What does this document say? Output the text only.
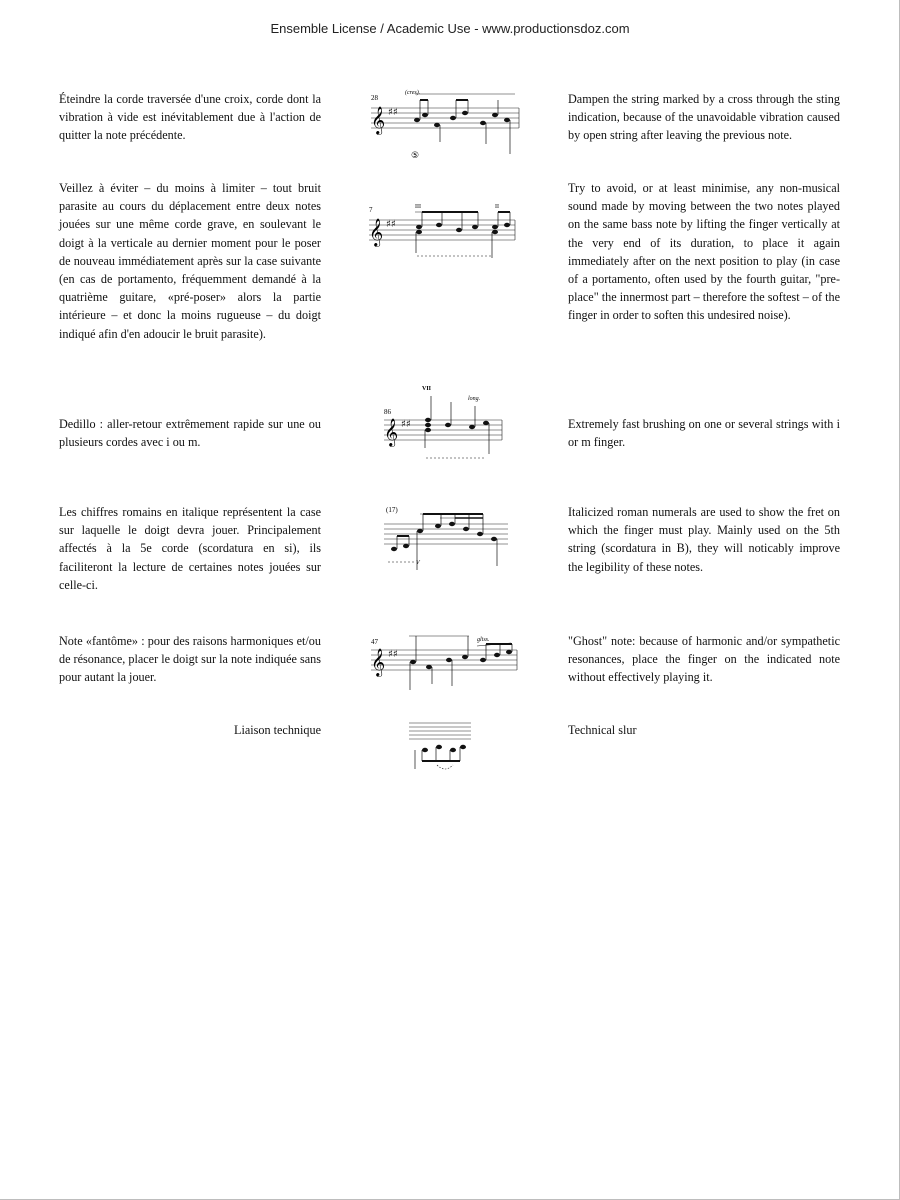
Ensemble License / Academic Use - www.productionsdoz.com
Éteindre la corde traversée d'une croix, corde dont la vibration à vide est inévitablement due à l'action de quitter la note précédente.
Dampen the string marked by a cross through the sting indication, because of the unavoidable vibration caused by open string after leaving the previous note.
28
(cres).
𝄞 ♯♯
⑤
Veillez à éviter – du moins à limiter – tout bruit parasite au cours du déplacement entre deux notes jouées sur une même corde grave, en soulevant le doigt à la verticale au dernier moment pour le poser de nouveau immédiatement après sur la case suivante (en cas de portamento, fréquemment demandé à la quatrième guitare, «pré-poser» alors la partie intérieure – et donc la moins rugueuse – du doigt indiqué afin d'en adoucir le bruit parasite).
Try to avoid, or at least minimise, any non-musical sound made by moving between the two notes played on the same bass note by lifting the finger vertically at the very end of its duration, to place it again immediately after on the next position to play (in case of a portamento, often used by the fourth guitar, "pre-place" the innermost part – therefore the softest – of the finger in order to soften this undesired noise).
7	III	II
𝄞 ♯♯
Dedillo : aller-retour extrêmement rapide sur une ou plusieurs cordes avec i ou m.
Extremely fast brushing on one or several strings with i or m finger.
86
VII
long.
𝄞 ♯♯
Les chiffres romains en italique représentent la case sur laquelle le doigt devra jouer. Principalement affectés à la 5e corde (scordatura en si), ils faciliteront la lecture de certaines notes jouées sur celle-ci.
Italicized roman numerals are used to show the fret on which the finger must play. Mainly used on the 5th string (scordatura in B), they will noticably improve the legibility of these notes.
(17)
V
Note «fantôme» : pour des raisons harmoniques et/ou de résonance, placer le doigt sur la note indiquée sans pour autant la jouer.
"Ghost" note: because of harmonic and/or sympathetic resonances, place the finger on the indicated note without effectively playing it.
47	gliss.
𝄞 ♯♯
Liaison technique	Technical slur
